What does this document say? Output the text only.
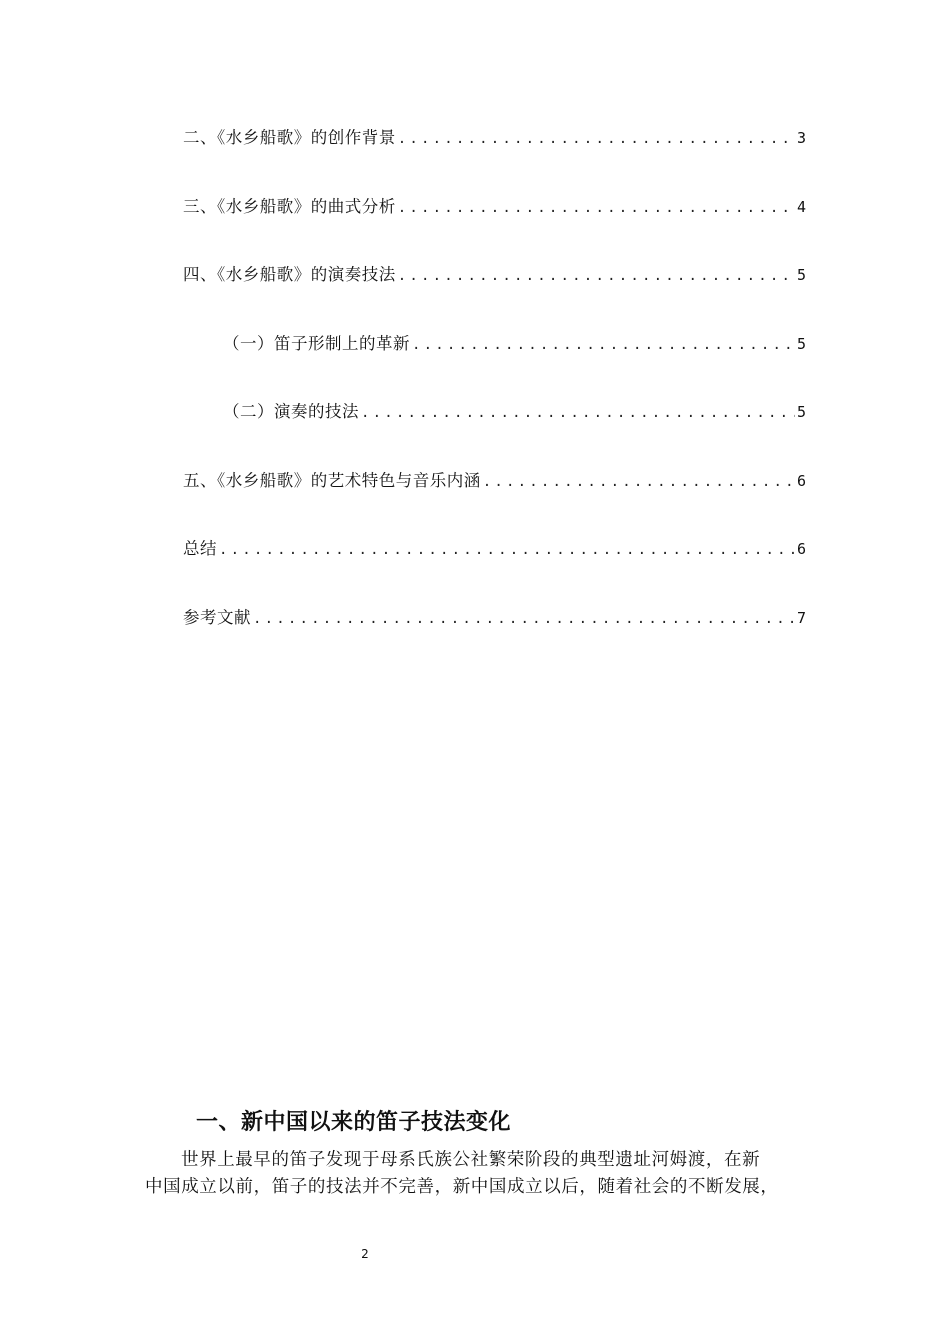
二、《水乡船歌》的创作背景 .....	3
三、《水乡船歌》的曲式分析 .....	4
四、《水乡船歌》的演奏技法 .....	5
（一）笛子形制上的革新 .....	5
（二）演奏的技法 .....	5
五、《水乡船歌》的艺术特色与音乐内涵 .....	6
总结 .....	6
参考文献 .....	7
一、新中国以来的笛子技法变化
世界上最早的笛子发现于母系氏族公社繁荣阶段的典型遗址河姆渡，在新
中国成立以前，笛子的技法并不完善，新中国成立以后，随着社会的不断发展，
2
